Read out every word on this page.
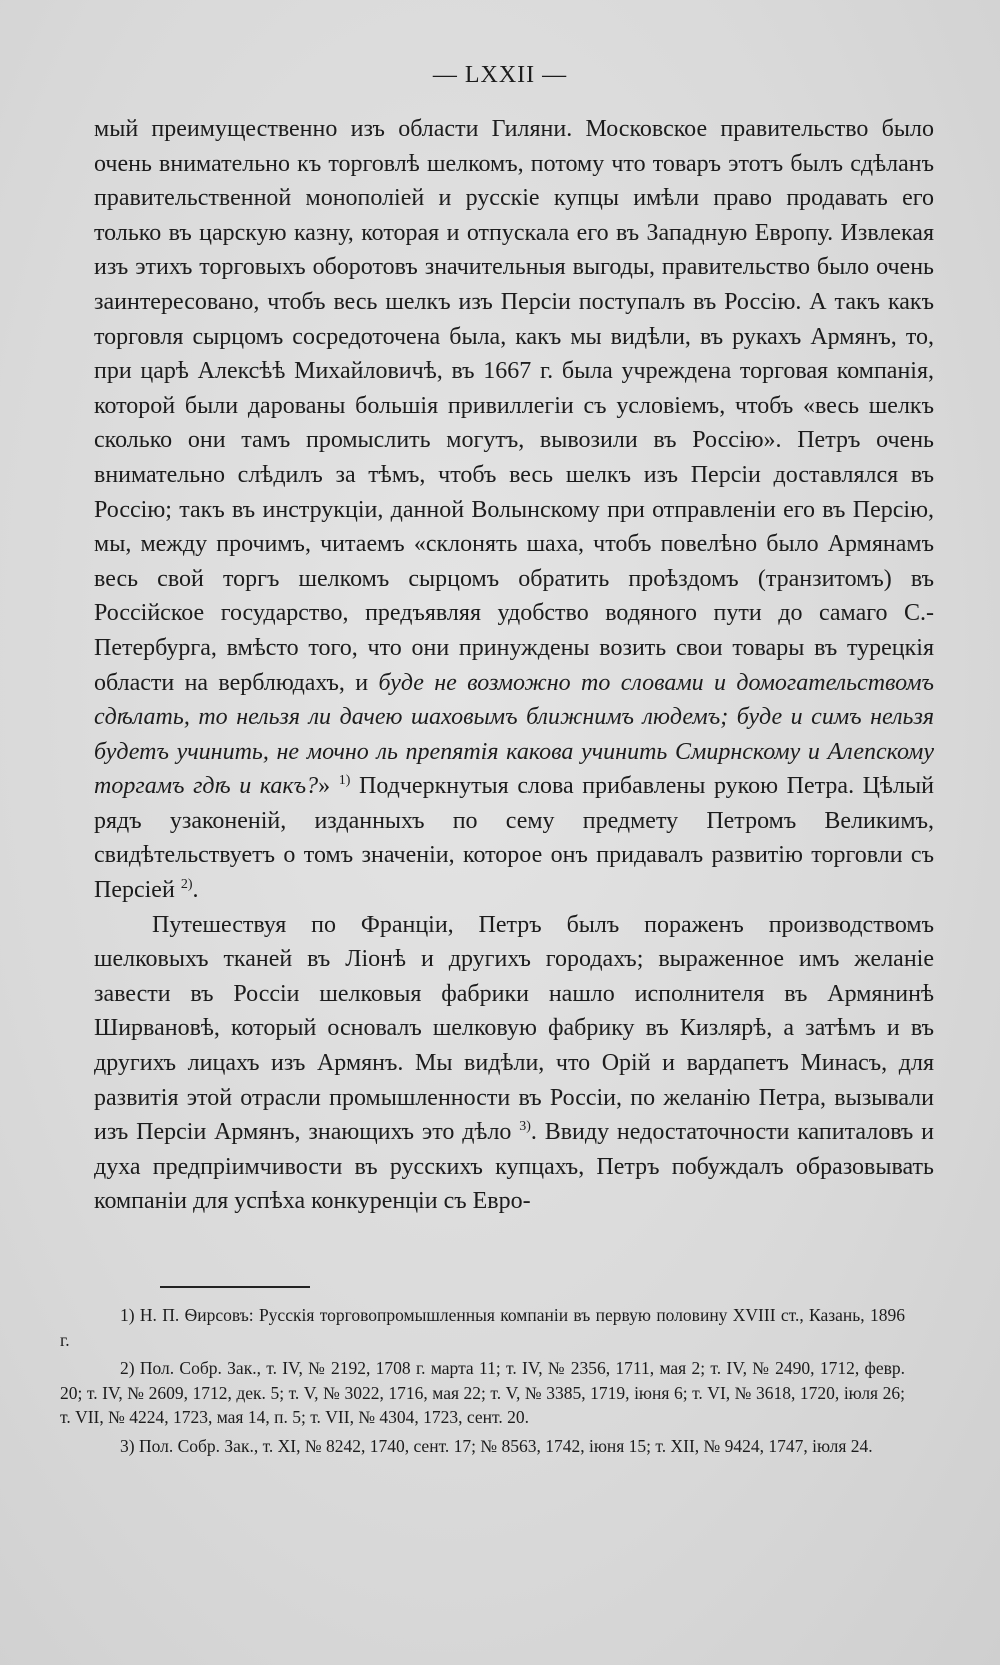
— LXXII —

мый преимущественно изъ области Гиляни. Московское правительство было очень внимательно къ торговлѣ шелкомъ, потому что товаръ этотъ былъ сдѣланъ правительственной монополіей и русскіе купцы имѣли право продавать его только въ царскую казну, которая и отпускала его въ Западную Европу. Извлекая изъ этихъ торговыхъ оборотовъ значительныя выгоды, правительство было очень заинтересовано, чтобъ весь шелкъ изъ Персіи поступалъ въ Россію. А такъ какъ торговля сырцомъ сосредоточена была, какъ мы видѣли, въ рукахъ Армянъ, то, при царѣ Алексѣѣ Михайловичѣ, въ 1667 г. была учреждена торговая компанія, которой были дарованы большія привиллегіи съ условіемъ, чтобъ «весь шелкъ сколько они тамъ промыслить могутъ, вывозили въ Россію». Петръ очень внимательно слѣдилъ за тѣмъ, чтобъ весь шелкъ изъ Персіи доставлялся въ Россію; такъ въ инструкціи, данной Волынскому при отправленіи его въ Персію, мы, между прочимъ, читаемъ «склонять шаха, чтобъ повелѣно было Армянамъ весь свой торгъ шелкомъ сырцомъ обратить проѣздомъ (транзитомъ) въ Россійское государство, предъявляя удобство водяного пути до самаго С.-Петербурга, вмѣсто того, что они принуждены возить свои товары въ турецкія области на верблюдахъ, и буде не возможно то словами и домогательствомъ сдѣлать, то нельзя ли дачею шаховымъ ближнимъ людемъ; буде и симъ нельзя будетъ учинить, не мочно ль препятія какова учинить Смирнскому и Алепскому торгамъ гдѣ и какъ?» $^{1)}$ Подчеркнутыя слова прибавлены рукою Петра. Цѣлый рядъ узаконеній, изданныхъ по сему предмету Петромъ Великимъ, свидѣтельствуетъ о томъ значеніи, которое онъ придавалъ развитію торговли съ Персіей $^{2)}$.

Путешествуя по Франціи, Петръ былъ пораженъ производствомъ шелковыхъ тканей въ Ліонѣ и другихъ городахъ; выраженное имъ желаніе завести въ Россіи шелковыя фабрики нашло исполнителя въ Армянинѣ Ширвановѣ, который основалъ шелковую фабрику въ Кизлярѣ, а затѣмъ и въ другихъ лицахъ изъ Армянъ. Мы видѣли, что Орій и вардапетъ Минасъ, для развитія этой отрасли промышленности въ Россіи, по желанію Петра, вызывали изъ Персіи Армянъ, знающихъ это дѣло $^{3)}$. Ввиду недостаточности капиталовъ и духа предпріимчивости въ русскихъ купцахъ, Петръ побуждалъ образовывать компаніи для успѣха конкуренціи съ Евро-

1) Н. П. Ѳирсовъ: Русскія торговопромышленныя компаніи въ первую половину XVIII ст., Казань, 1896 г.

2) Пол. Собр. Зак., т. IV, № 2192, 1708 г. марта 11; т. IV, № 2356, 1711, мая 2; т. IV, № 2490, 1712, февр. 20; т. IV, № 2609, 1712, дек. 5; т. V, № 3022, 1716, мая 22; т. V, № 3385, 1719, іюня 6; т. VI, № 3618, 1720, іюля 26; т. VII, № 4224, 1723, мая 14, п. 5; т. VII, № 4304, 1723, сент. 20.

3) Пол. Собр. Зак., т. XI, № 8242, 1740, сент. 17; № 8563, 1742, іюня 15; т. XII, № 9424, 1747, іюля 24.
